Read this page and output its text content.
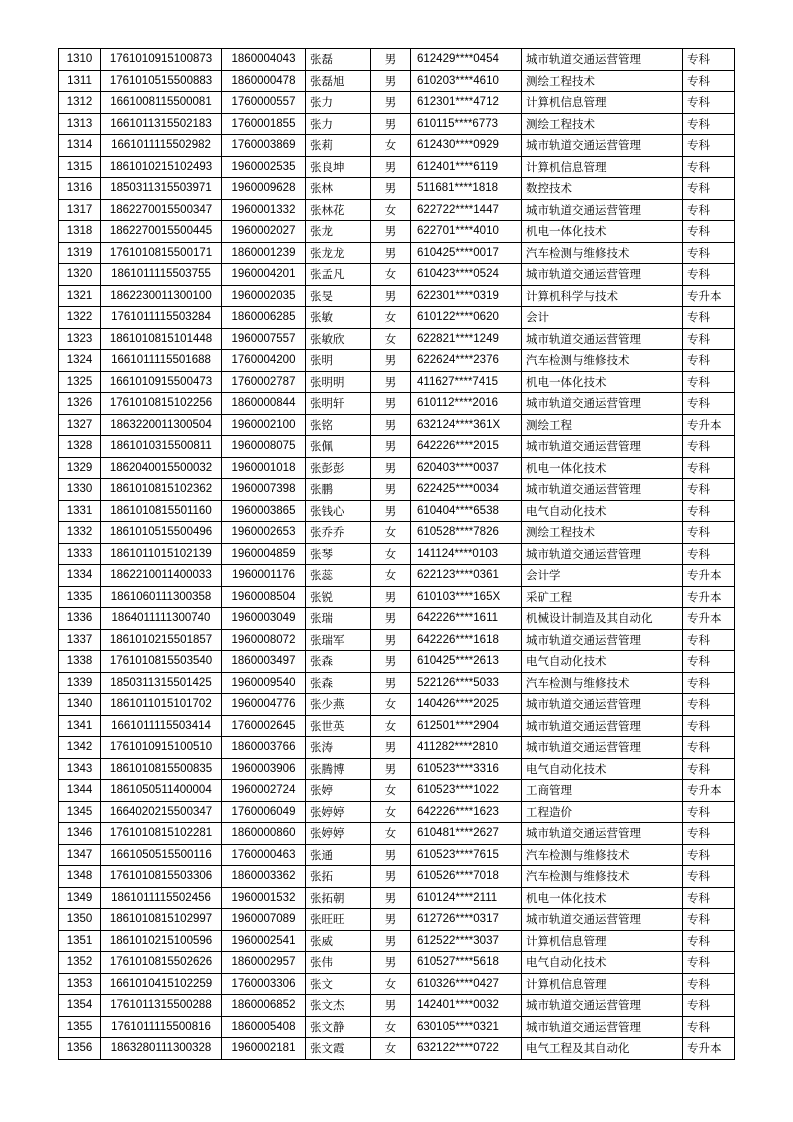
1310	1761010915100873	1860004043	张磊	男	612429****0454	城市轨道交通运营管理	专科
1311	1761010515500883	1860000478	张磊旭	男	610203****4610	测绘工程技术	专科
1312	1661008115500081	1760000557	张力	男	612301****4712	计算机信息管理	专科
1313	1661011315502183	1760001855	张力	男	610115****6773	测绘工程技术	专科
1314	1661011115502982	1760003869	张莉	女	612430****0929	城市轨道交通运营管理	专科
1315	1861010215102493	1960002535	张良坤	男	612401****6119	计算机信息管理	专科
1316	1850311315503971	1960009628	张林	男	511681****1818	数控技术	专科
1317	1862270015500347	1960001332	张林花	女	622722****1447	城市轨道交通运营管理	专科
1318	1862270015500445	1960002027	张龙	男	622701****4010	机电一体化技术	专科
1319	1761010815500171	1860001239	张龙龙	男	610425****0017	汽车检测与维修技术	专科
1320	1861011115503755	1960004201	张孟凡	女	610423****0524	城市轨道交通运营管理	专科
1321	1862230011300100	1960002035	张旻	男	622301****0319	计算机科学与技术	专升本
1322	1761011115503284	1860006285	张敏	女	610122****0620	会计	专科
1323	1861010815101448	1960007557	张敏欣	女	622821****1249	城市轨道交通运营管理	专科
1324	1661011115501688	1760004200	张明	男	622624****2376	汽车检测与维修技术	专科
1325	1661010915500473	1760002787	张明明	男	411627****7415	机电一体化技术	专科
1326	1761010815102256	1860000844	张明轩	男	610112****2016	城市轨道交通运营管理	专科
1327	1863220011300504	1960002100	张铭	男	632124****361X	测绘工程	专升本
1328	1861010315500811	1960008075	张佩	男	642226****2015	城市轨道交通运营管理	专科
1329	1862040015500032	1960001018	张彭彭	男	620403****0037	机电一体化技术	专科
1330	1861010815102362	1960007398	张鹏	男	622425****0034	城市轨道交通运营管理	专科
1331	1861010815501160	1960003865	张钱心	男	610404****6538	电气自动化技术	专科
1332	1861010515500496	1960002653	张乔乔	女	610528****7826	测绘工程技术	专科
1333	1861011015102139	1960004859	张琴	女	141124****0103	城市轨道交通运营管理	专科
1334	1862210011400033	1960001176	张蕊	女	622123****0361	会计学	专升本
1335	1861060111300358	1960008504	张锐	男	610103****165X	采矿工程	专升本
1336	1864011111300740	1960003049	张瑞	男	642226****1611	机械设计制造及其自动化	专升本
1337	1861010215501857	1960008072	张瑞军	男	642226****1618	城市轨道交通运营管理	专科
1338	1761010815503540	1860003497	张森	男	610425****2613	电气自动化技术	专科
1339	1850311315501425	1960009540	张森	男	522126****5033	汽车检测与维修技术	专科
1340	1861011015101702	1960004776	张少燕	女	140426****2025	城市轨道交通运营管理	专科
1341	1661011115503414	1760002645	张世英	女	612501****2904	城市轨道交通运营管理	专科
1342	1761010915100510	1860003766	张涛	男	411282****2810	城市轨道交通运营管理	专科
1343	1861010815500835	1960003906	张腾博	男	610523****3316	电气自动化技术	专科
1344	1861050511400004	1960002724	张婷	女	610523****1022	工商管理	专升本
1345	1664020215500347	1760006049	张婷婷	女	642226****1623	工程造价	专科
1346	1761010815102281	1860000860	张婷婷	女	610481****2627	城市轨道交通运营管理	专科
1347	1661050515500116	1760000463	张通	男	610523****7615	汽车检测与维修技术	专科
1348	1761010815503306	1860003362	张拓	男	610526****7018	汽车检测与维修技术	专科
1349	1861011115502456	1960001532	张拓朝	男	610124****2111	机电一体化技术	专科
1350	1861010815102997	1960007089	张旺旺	男	612726****0317	城市轨道交通运营管理	专科
1351	1861010215100596	1960002541	张威	男	612522****3037	计算机信息管理	专科
1352	1761010815502626	1860002957	张伟	男	610527****5618	电气自动化技术	专科
1353	1661010415102259	1760003306	张文	女	610326****0427	计算机信息管理	专科
1354	1761011315500288	1860006852	张文杰	男	142401****0032	城市轨道交通运营管理	专科
1355	1761011115500816	1860005408	张文静	女	630105****0321	城市轨道交通运营管理	专科
1356	1863280111300328	1960002181	张文霞	女	632122****0722	电气工程及其自动化	专升本
